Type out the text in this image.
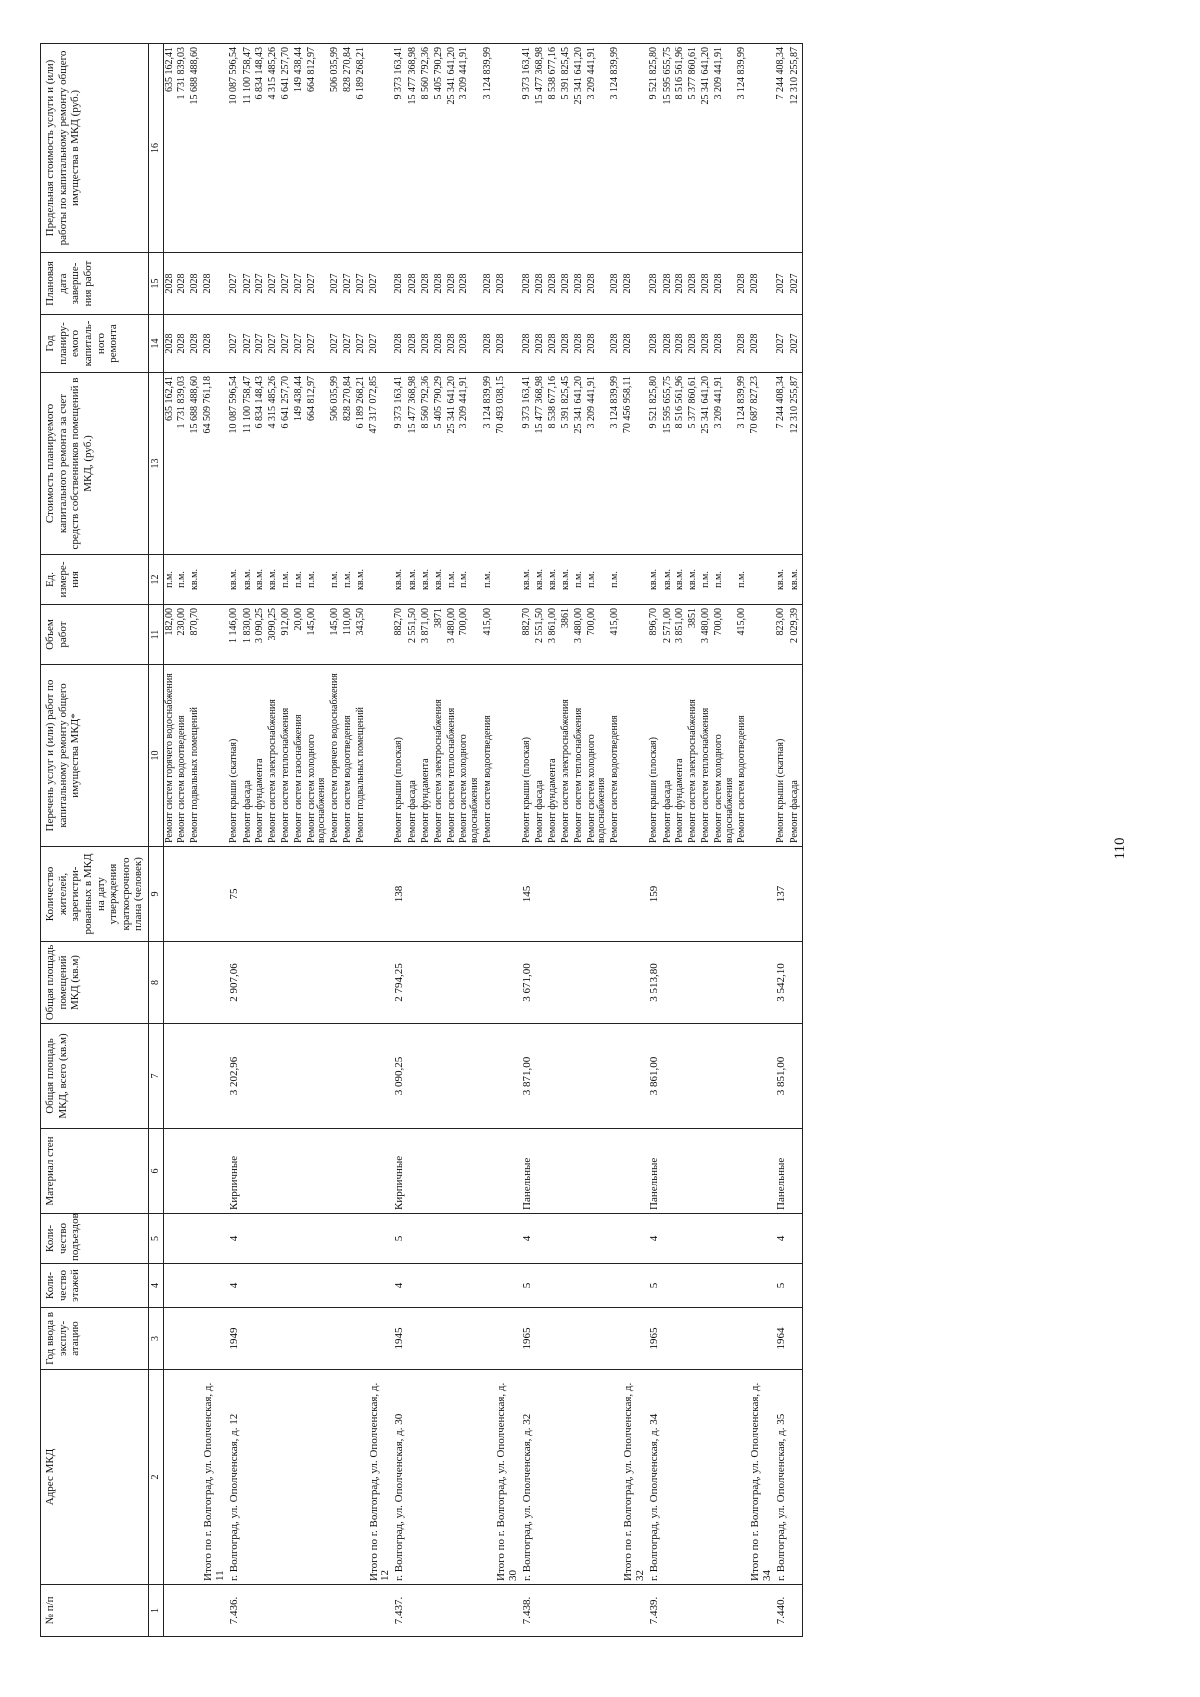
110
№ п/п	Адрес МКД	Год ввода в эксплу-атацию	Коли-чество этажей	Коли-чество подъездов	Материал стен	Общая площадь МКД, всего (кв.м)	Общая площадь помещений МКД (кв.м)	Количество жителей, зарегистри-рованных в МКД на дату утверждения краткосрочного плана (человек)	Перечень услуг и (или) работ по капитальному ремонту общего имущества МКД*	Объем работ	Ед. измере-ния	Стоимость планируемого капитального ремонта за счет средств собственников помещений в МКД, (руб.)	Год планиру-емого капиталь-ного ремонта	Плановая дата заверше-ния работ	Предельная стоимость услуги и (или) работы по капитальному ремонту общего имущества в МКД (руб.)
1	2	3	4	5	6	7	8	9	10	11	12	13	14	15	16
									Ремонт систем горячего водоснабжения	182,00	п.м.	635 162,41	2028	2028	635 162,41
									Ремонт систем водоотведения	230,00	п.м.	1 731 839,03	2028	2028	1 731 839,03
									Ремонт подвальных помещений	870,70	кв.м.	15 688 488,60	2028	2028	15 688 488,60
	Итого по г. Волгоград, ул. Ополченская, д. 11											64 509 761,18	2028	2028	
7.436.	г. Волгоград, ул. Ополченская, д. 12	1949	4	4	Кирпичные	3 202,96	2 907,06	75	Ремонт крыши (скатная)	1 146,00	кв.м.	10 087 596,54	2027	2027	10 087 596,54
									Ремонт фасада	1 830,00	кв.м.	11 100 758,47	2027	2027	11 100 758,47
									Ремонт фундамента	3 090,25	кв.м.	6 834 148,43	2027	2027	6 834 148,43
									Ремонт систем электроснабжения	3090,25	кв.м.	4 315 485,26	2027	2027	4 315 485,26
									Ремонт систем теплоснабжения	912,00	п.м.	6 641 257,70	2027	2027	6 641 257,70
									Ремонт систем газоснабжения	20,00	п.м.	149 438,44	2027	2027	149 438,44
									Ремонт систем холодного водоснабжения	145,00	п.м.	664 812,97	2027	2027	664 812,97
									Ремонт систем горячего водоснабжения	145,00	п.м.	506 035,99	2027	2027	506 035,99
									Ремонт систем водоотведения	110,00	п.м.	828 270,84	2027	2027	828 270,84
									Ремонт подвальных помещений	343,50	кв.м.	6 189 268,21	2027	2027	6 189 268,21
	Итого по г. Волгоград, ул. Ополченская, д. 12											47 317 072,85	2027	2027	
7.437.	г. Волгоград, ул. Ополченская, д. 30	1945	4	5	Кирпичные	3 090,25	2 794,25	138	Ремонт крыши (плоская)	882,70	кв.м.	9 373 163,41	2028	2028	9 373 163,41
									Ремонт фасада	2 551,50	кв.м.	15 477 368,98	2028	2028	15 477 368,98
									Ремонт фундамента	3 871,00	кв.м.	8 560 792,36	2028	2028	8 560 792,36
									Ремонт систем электроснабжения	3871	кв.м.	5 405 790,29	2028	2028	5 405 790,29
									Ремонт систем теплоснабжения	3 480,00	п.м.	25 341 641,20	2028	2028	25 341 641,20
									Ремонт систем холодного водоснабжения	700,00	п.м.	3 209 441,91	2028	2028	3 209 441,91
									Ремонт систем водоотведения	415,00	п.м.	3 124 839,99	2028	2028	3 124 839,99
	Итого по г. Волгоград, ул. Ополченская, д. 30											70 493 038,15	2028	2028	
7.438.	г. Волгоград, ул. Ополченская, д. 32	1965	5	4	Панельные	3 871,00	3 671,00	145	Ремонт крыши (плоская)	882,70	кв.м.	9 373 163,41	2028	2028	9 373 163,41
									Ремонт фасада	2 551,50	кв.м.	15 477 368,98	2028	2028	15 477 368,98
									Ремонт фундамента	3 861,00	кв.м.	8 538 677,16	2028	2028	8 538 677,16
									Ремонт систем электроснабжения	3861	кв.м.	5 391 825,45	2028	2028	5 391 825,45
									Ремонт систем теплоснабжения	3 480,00	п.м.	25 341 641,20	2028	2028	25 341 641,20
									Ремонт систем холодного водоснабжения	700,00	п.м.	3 209 441,91	2028	2028	3 209 441,91
									Ремонт систем водоотведения	415,00	п.м.	3 124 839,99	2028	2028	3 124 839,99
	Итого по г. Волгоград, ул. Ополченская, д. 32											70 456 958,11	2028	2028	
7.439.	г. Волгоград, ул. Ополченская, д. 34	1965	5	4	Панельные	3 861,00	3 513,80	159	Ремонт крыши (плоская)	896,70	кв.м.	9 521 825,80	2028	2028	9 521 825,80
									Ремонт фасада	2 571,00	кв.м.	15 595 655,75	2028	2028	15 595 655,75
									Ремонт фундамента	3 851,00	кв.м.	8 516 561,96	2028	2028	8 516 561,96
									Ремонт систем электроснабжения	3851	кв.м.	5 377 860,61	2028	2028	5 377 860,61
									Ремонт систем теплоснабжения	3 480,00	п.м.	25 341 641,20	2028	2028	25 341 641,20
									Ремонт систем холодного водоснабжения	700,00	п.м.	3 209 441,91	2028	2028	3 209 441,91
									Ремонт систем водоотведения	415,00	п.м.	3 124 839,99	2028	2028	3 124 839,99
	Итого по г. Волгоград, ул. Ополченская, д. 34											70 687 827,23	2028	2028	
7.440.	г. Волгоград, ул. Ополченская, д. 35	1964	5	4	Панельные	3 851,00	3 542,10	137	Ремонт крыши (скатная)	823,00	кв.м.	7 244 408,34	2027	2027	7 244 408,34
									Ремонт фасада	2 029,39	кв.м.	12 310 255,87	2027	2027	12 310 255,87
